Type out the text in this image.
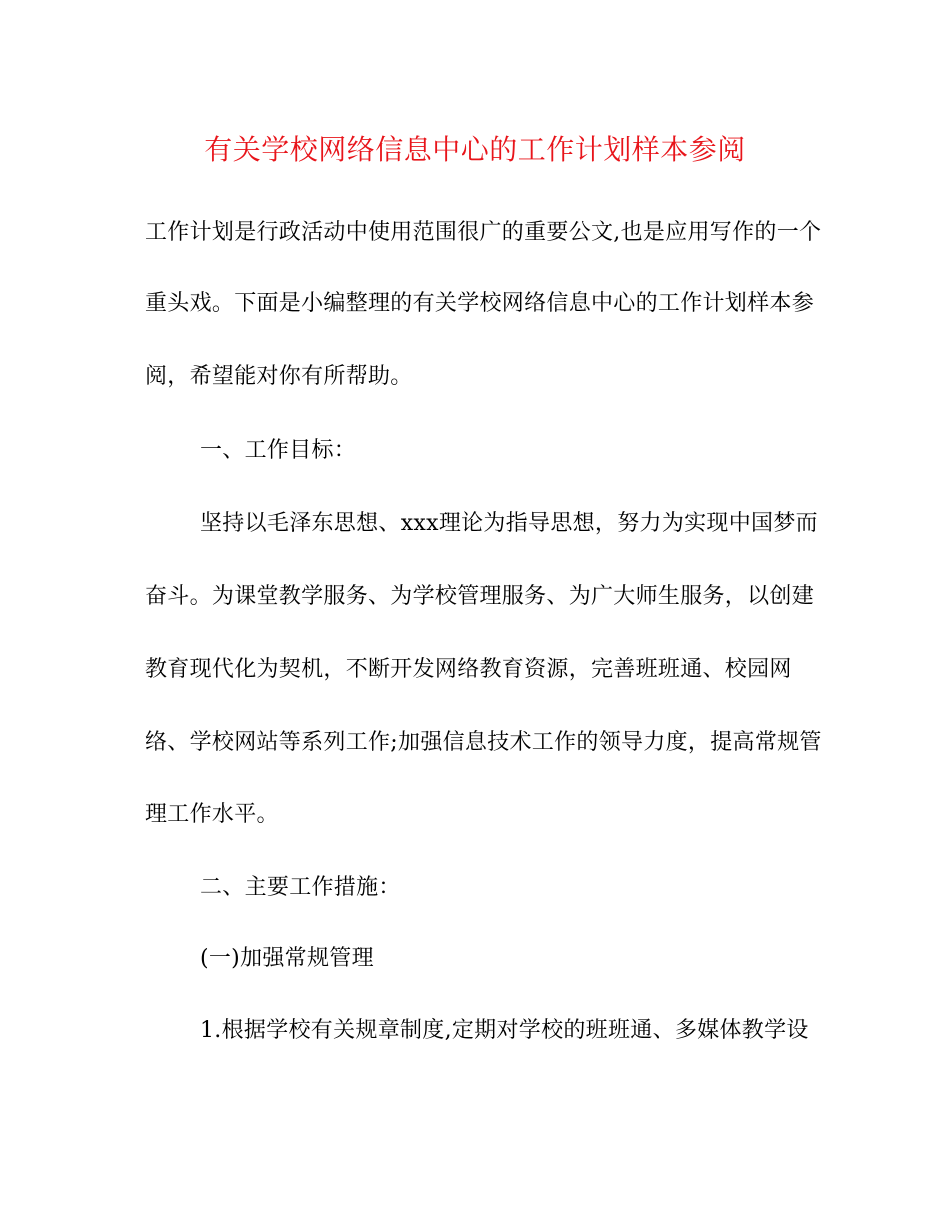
有关学校网络信息中心的工作计划样本参阅
工作计划是行政活动中使用范围很广的重要公文,也是应用写作的一个
重头戏。下面是小编整理的有关学校网络信息中心的工作计划样本参
阅，希望能对你有所帮助。
一、工作目标：
坚持以毛泽东思想、xxx理论为指导思想，努力为实现中国梦而
奋斗。为课堂教学服务、为学校管理服务、为广大师生服务，以创建
教育现代化为契机，不断开发网络教育资源，完善班班通、校园网
络、学校网站等系列工作;加强信息技术工作的领导力度，提高常规管
理工作水平。
二、主要工作措施：
(一)加强常规管理
1.根据学校有关规章制度,定期对学校的班班通、多媒体教学设
